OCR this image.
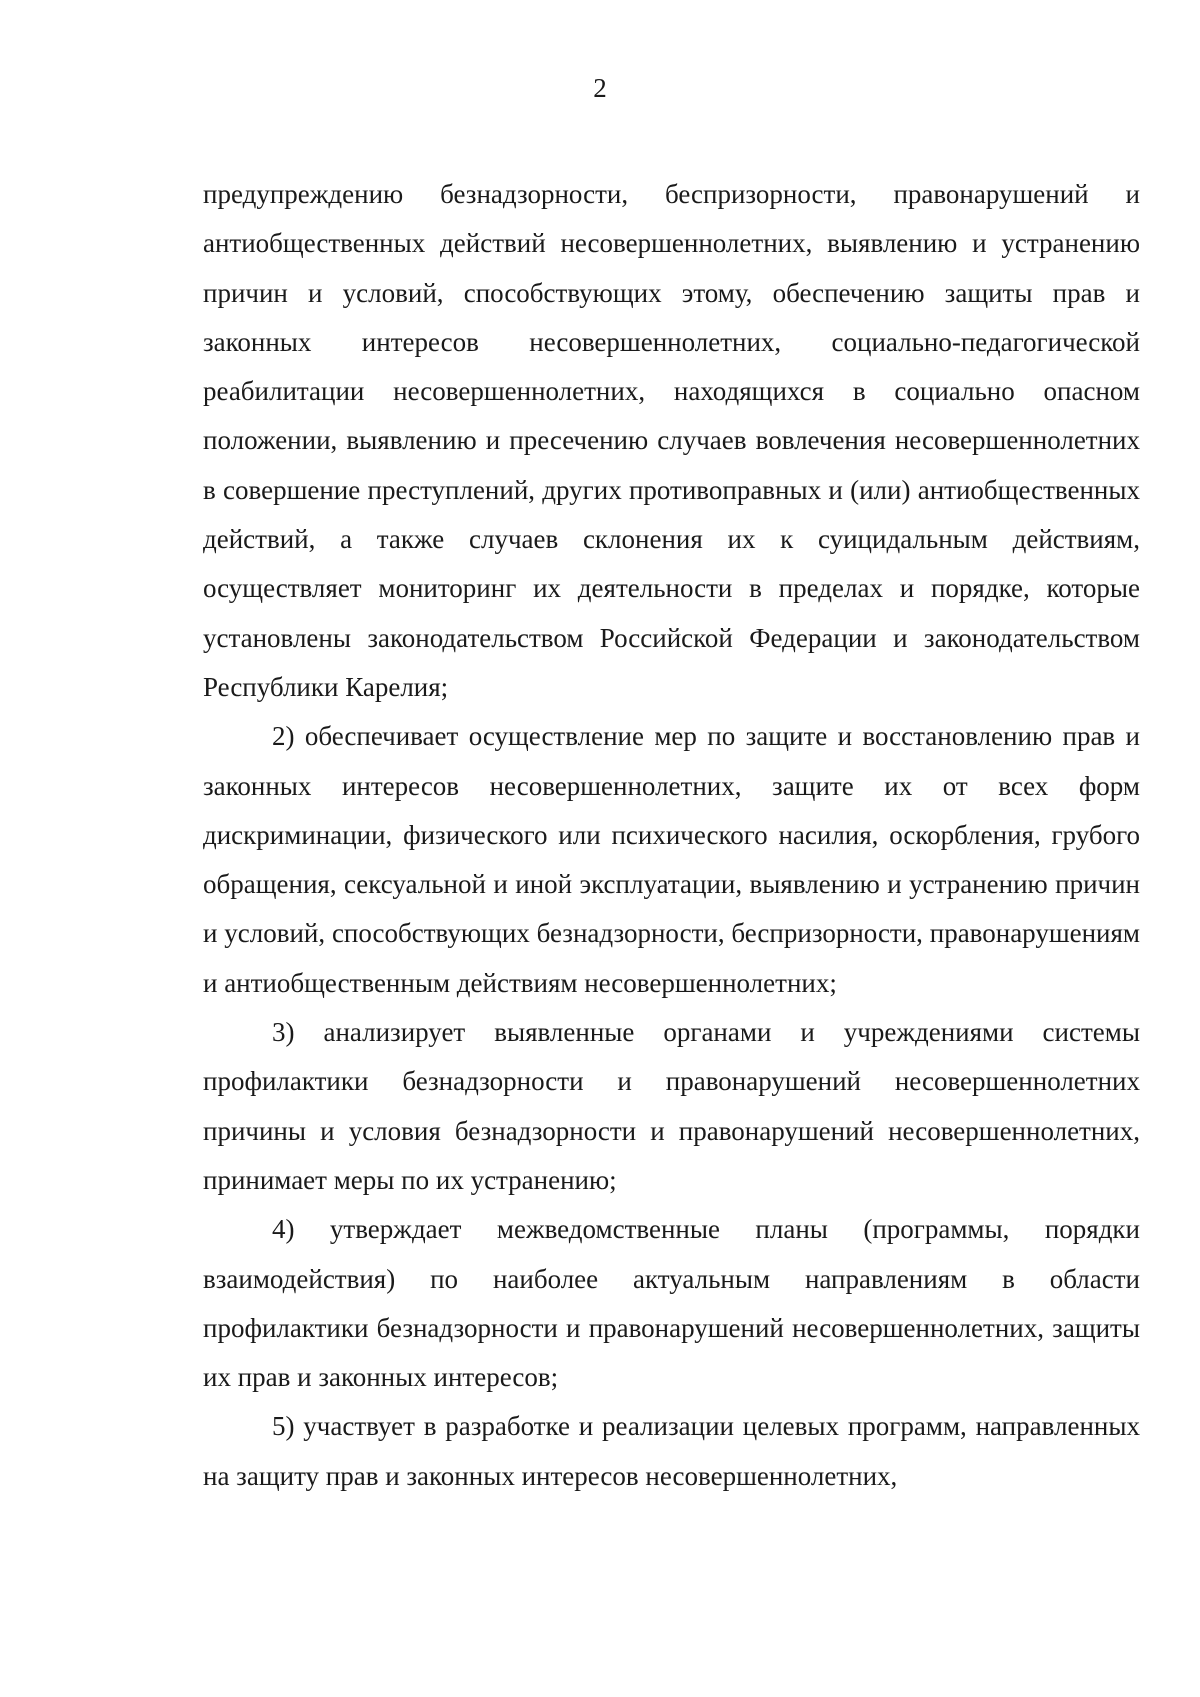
2

предупреждению безнадзорности, беспризорности, правонарушений и антиобщественных действий несовершеннолетних, выявлению и устранению причин и условий, способствующих этому, обеспечению защиты прав и законных интересов несовершеннолетних, социально-педагогической реабилитации несовершеннолетних, находящихся в социально опасном положении, выявлению и пресечению случаев вовлечения несовершеннолетних в совершение преступлений, других противоправных и (или) антиобщественных действий, а также случаев склонения их к суицидальным действиям, осуществляет мониторинг их деятельности в пределах и порядке, которые установлены законодательством Российской Федерации и законодательством Республики Карелия;

2) обеспечивает осуществление мер по защите и восстановлению прав и законных интересов несовершеннолетних, защите их от всех форм дискриминации, физического или психического насилия, оскорбления, грубого обращения, сексуальной и иной эксплуатации, выявлению и устранению причин и условий, способствующих безнадзорности, беспризорности, правонарушениям и антиобщественным действиям несовершеннолетних;

3) анализирует выявленные органами и учреждениями системы профилактики безнадзорности и правонарушений несовершеннолетних причины и условия безнадзорности и правонарушений несовершеннолетних, принимает меры по их устранению;

4) утверждает межведомственные планы (программы, порядки взаимодействия) по наиболее актуальным направлениям в области профилактики безнадзорности и правонарушений несовершеннолетних, защиты их прав и законных интересов;

5) участвует в разработке и реализации целевых программ, направленных на защиту прав и законных интересов несовершеннолетних,
